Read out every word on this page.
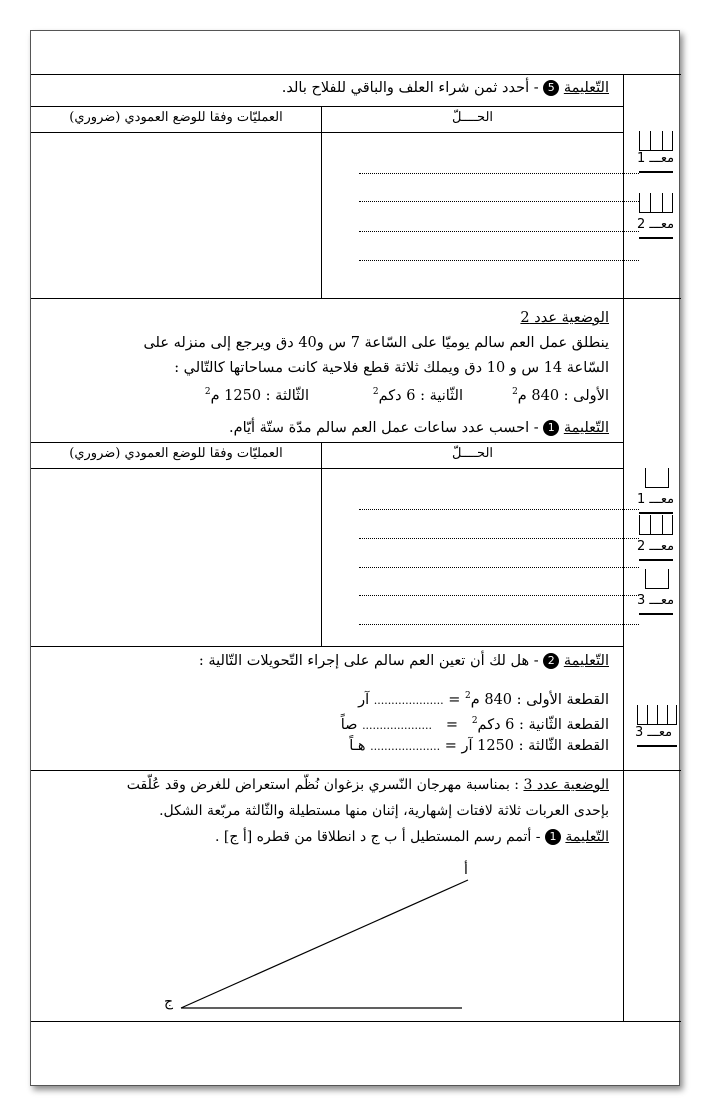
التّعليمة 5 - أحدد ثمن شراء العلف والباقي للفلاح بالد.
العمليّات وفقا للوضع العمودي (ضروري)	الحــــلّ
معـــ 1
معـــ 2
الوضعية عدد 2
ينطلق عمل العم سالم يوميّا على السّاعة 7 س و40 دق ويرجع إلى منزله على
السّاعة 14 س و 10 دق ويملك ثلاثة قطع فلاحية كانت مساحاتها كالتّالي :
الأولى : 840 م$^2$
الثّانية : 6 دكم$^2$
الثّالثة : 1250 م$^2$
التّعليمة 1 - احسب عدد ساعات عمل العم سالم مدّة ستّة أيّام.
العمليّات وفقا للوضع العمودي (ضروري)	الحــــلّ
معـــ 1
معـــ 2
معـــ 3
التّعليمة 2 - هل لك أن تعين العم سالم على إجراء التّحويلات التّالية :
القطعة الأولى : 840 م$^2$ = .................... آر
القطعة الثّانية : 6 دكم$^2$   =   .................... صاً
القطعة الثّالثة : 1250 آر = .................... هـاً
معـــ 3
الوضعية عدد 3 : بمناسبة مهرجان النّسري بزغوان نُظّم استعراض للغرض وقد عُلّقت
بإحدى العربات ثلاثة لافتات إشهارية، إثنان منها مستطيلة والثّالثة مربّعة الشكل.
التّعليمة 1 - أتمم رسم المستطيل أ ب ج د انطلاقا من قطره [أ ج] .
أ
ج
